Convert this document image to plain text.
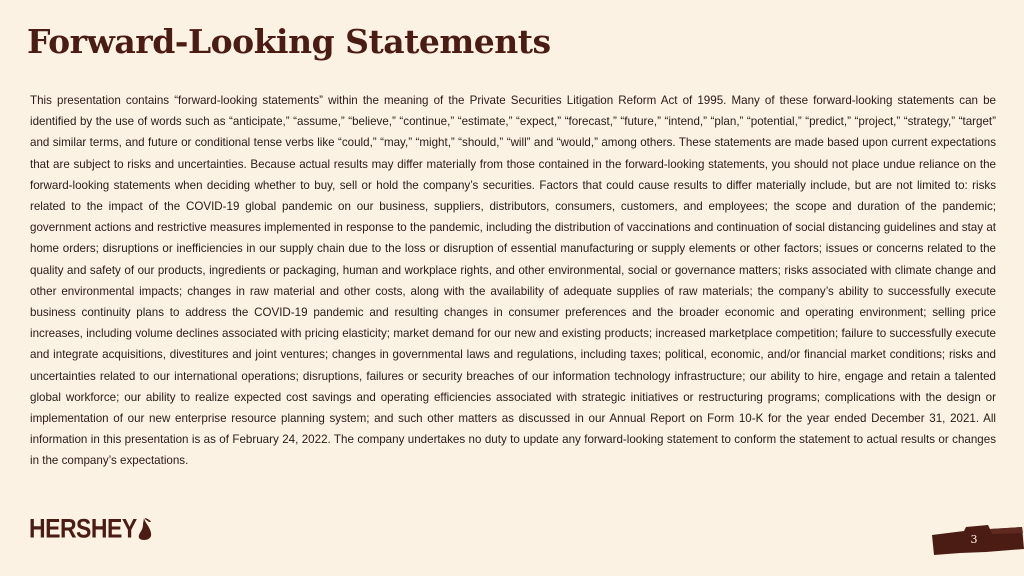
Forward-Looking Statements

This presentation contains “forward-looking statements” within the meaning of the Private Securities Litigation Reform Act of 1995. Many of these forward-looking statements can be identified by the use of words such as “anticipate,” “assume,” “believe,” “continue,” “estimate,” “expect,” “forecast,” “future,” “intend,” “plan,” “potential,” “predict,” “project,” “strategy,” “target” and similar terms, and future or conditional tense verbs like “could,” “may,” “might,” “should,” “will” and “would,” among others. These statements are made based upon current expectations that are subject to risks and uncertainties. Because actual results may differ materially from those contained in the forward-looking statements, you should not place undue reliance on the forward-looking statements when deciding whether to buy, sell or hold the company’s securities. Factors that could cause results to differ materially include, but are not limited to: risks related to the impact of the COVID-19 global pandemic on our business, suppliers, distributors, consumers, customers, and employees; the scope and duration of the pandemic; government actions and restrictive measures implemented in response to the pandemic, including the distribution of vaccinations and continuation of social distancing guidelines and stay at home orders; disruptions or inefficiencies in our supply chain due to the loss or disruption of essential manufacturing or supply elements or other factors; issues or concerns related to the quality and safety of our products, ingredients or packaging, human and workplace rights, and other environmental, social or governance matters; risks associated with climate change and other environmental impacts; changes in raw material and other costs, along with the availability of adequate supplies of raw materials; the company’s ability to successfully execute business continuity plans to address the COVID-19 pandemic and resulting changes in consumer preferences and the broader economic and operating environment; selling price increases, including volume declines associated with pricing elasticity; market demand for our new and existing products; increased marketplace competition; failure to successfully execute and integrate acquisitions, divestitures and joint ventures; changes in governmental laws and regulations, including taxes; political, economic, and/or financial market conditions; risks and uncertainties related to our international operations; disruptions, failures or security breaches of our information technology infrastructure; our ability to hire, engage and retain a talented global workforce; our ability to realize expected cost savings and operating efficiencies associated with strategic initiatives or restructuring programs; complications with the design or implementation of our new enterprise resource planning system; and such other matters as discussed in our Annual Report on Form 10-K for the year ended December 31, 2021. All information in this presentation is as of February 24, 2022. The company undertakes no duty to update any forward-looking statement to conform the statement to actual results or changes in the company’s expectations.

HERSHEY	3
